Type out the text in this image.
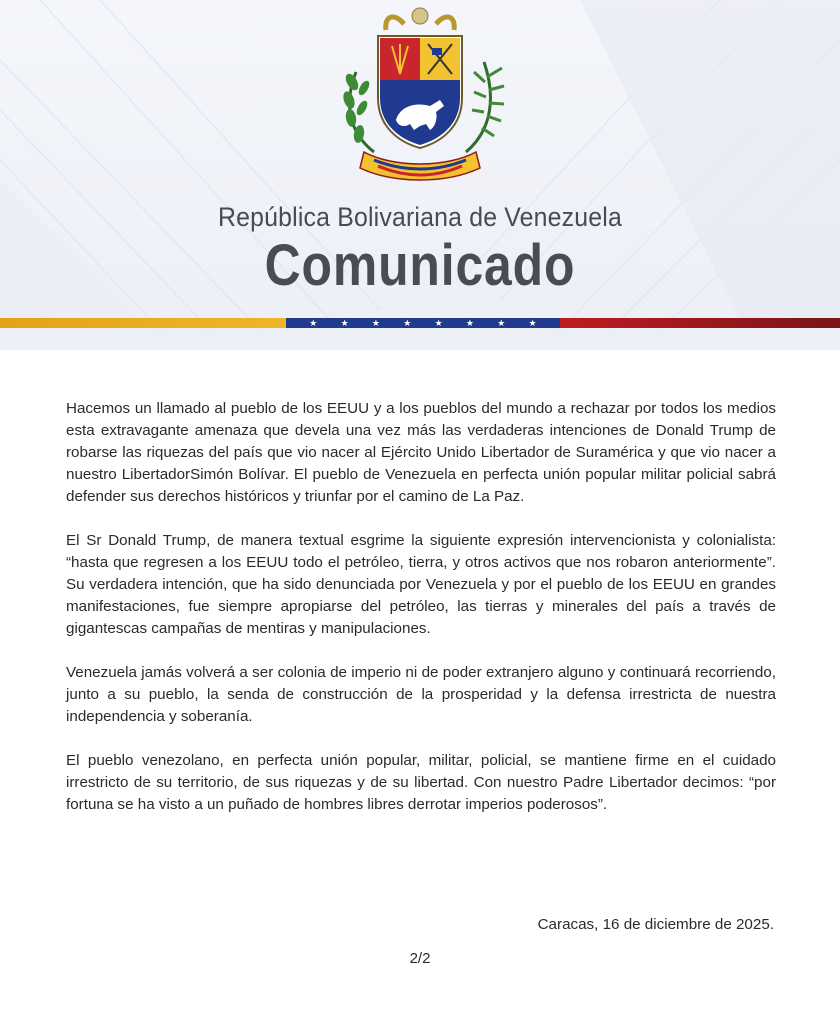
República Bolivariana de Venezuela
Comunicado
★	★	★	★	★	★	★	★

Hacemos un llamado al pueblo de los EEUU y a los pueblos del mundo a rechazar por todos los medios esta extravagante amenaza que devela una vez más las verdaderas intenciones de Donald Trump de robarse las riquezas del país que vio nacer al Ejército Unido Libertador de Suramérica y que vio nacer a nuestro LibertadorSimón Bolívar. El pueblo de Venezuela en perfecta unión popular militar policial sabrá defender sus derechos históricos y triunfar por el camino de La Paz.

El Sr Donald Trump, de manera textual esgrime la siguiente expresión intervencionista y colonialista: “hasta que regresen a los EEUU todo el petróleo, tierra, y otros activos que nos robaron anteriormente”. Su verdadera intención, que ha sido denunciada por Venezuela y por el pueblo de los EEUU en grandes manifestaciones, fue siempre apropiarse del petróleo, las tierras y minerales del país a través de gigantescas campañas de mentiras y manipulaciones.

Venezuela jamás volverá a ser colonia de imperio ni de poder extranjero alguno y continuará recorriendo, junto a su pueblo, la senda de construcción de la prosperidad y la defensa irrestricta de nuestra independencia y soberanía.

El pueblo venezolano, en perfecta unión popular, militar, policial, se mantiene firme en el cuidado irrestricto de su territorio, de sus riquezas y de su libertad. Con nuestro Padre Libertador decimos: “por fortuna se ha visto a un puñado de hombres libres derrotar imperios poderosos”.

Caracas, 16 de diciembre de 2025.
2/2
